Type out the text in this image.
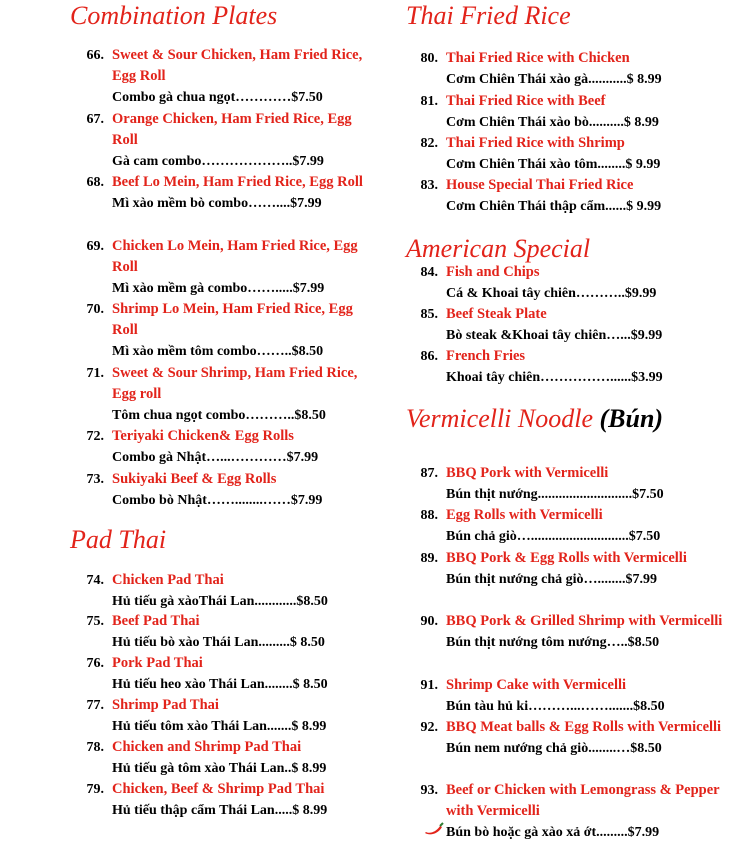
Combination Plates
66. Sweet & Sour Chicken, Ham Fried Rice, Egg Roll
Combo gà chua ngọt…………$7.50
67. Orange Chicken, Ham Fried Rice, Egg Roll
Gà cam combo………………..$7.99
68. Beef Lo Mein, Ham Fried Rice, Egg Roll
Mì xào mềm bò combo……....$7.99
69. Chicken Lo Mein, Ham Fried Rice, Egg Roll
Mì xào mềm gà combo…….....$7.99
70. Shrimp Lo Mein, Ham Fried Rice, Egg Roll
Mì xào mềm tôm combo……..$8.50
71. Sweet & Sour Shrimp, Ham Fried Rice, Egg roll
Tôm chua ngọt combo………..$8.50
72. Teriyaki Chicken& Egg Rolls
Combo gà Nhật…...…………$7.99
73. Sukiyaki Beef & Egg Rolls
Combo bò Nhật……........……$7.99
Pad Thai
74. Chicken Pad Thai
Hủ tiếu gà xàoThái Lan............$8.50
75. Beef Pad Thai
Hủ tiếu bò xào Thái Lan.........$ 8.50
76. Pork Pad Thai
Hủ tiếu heo xào Thái Lan........$ 8.50
77. Shrimp Pad Thai
Hủ tiếu tôm xào Thái Lan.......$ 8.99
78. Chicken and Shrimp Pad Thai
Hủ tiếu gà tôm xào Thái Lan..$ 8.99
79. Chicken, Beef & Shrimp Pad Thai
Hủ tiếu thập cẩm Thái Lan.....$ 8.99
Thai Fried Rice
80. Thai Fried Rice with Chicken
Cơm Chiên Thái xào gà...........$ 8.99
81. Thai Fried Rice with Beef
Cơm Chiên Thái xào bò..........$ 8.99
82. Thai Fried Rice with Shrimp
Cơm Chiên Thái xào tôm........$ 9.99
83. House Special Thai Fried Rice
Cơm Chiên Thái thập cẩm......$ 9.99
American Special
84. Fish and Chips
Cá & Khoai tây chiên………..$9.99
85. Beef Steak Plate
Bò steak &Khoai tây chiên…...$9.99
86. French Fries
Khoai tây chiên……………......$3.99
Vermicelli Noodle (Bún)
87. BBQ Pork with Vermicelli
Bún thịt nướng...........................$7.50
88. Egg Rolls with Vermicelli
Bún chả giò…............................$7.50
89. BBQ Pork & Egg Rolls with Vermicelli
Bún thịt nướng chả giò…........$7.99
90. BBQ Pork & Grilled Shrimp with Vermicelli
Bún thịt nướng tôm nướng…..$8.50
91. Shrimp Cake with Vermicelli
Bún tàu hủ ki………...…….......$8.50
92. BBQ Meat balls & Egg Rolls with Vermicelli
Bún nem nướng chả giò........…$8.50
93. Beef or Chicken with Lemongrass & Pepper with Vermicelli
Bún bò hoặc gà xào xả ớt.........$7.99
